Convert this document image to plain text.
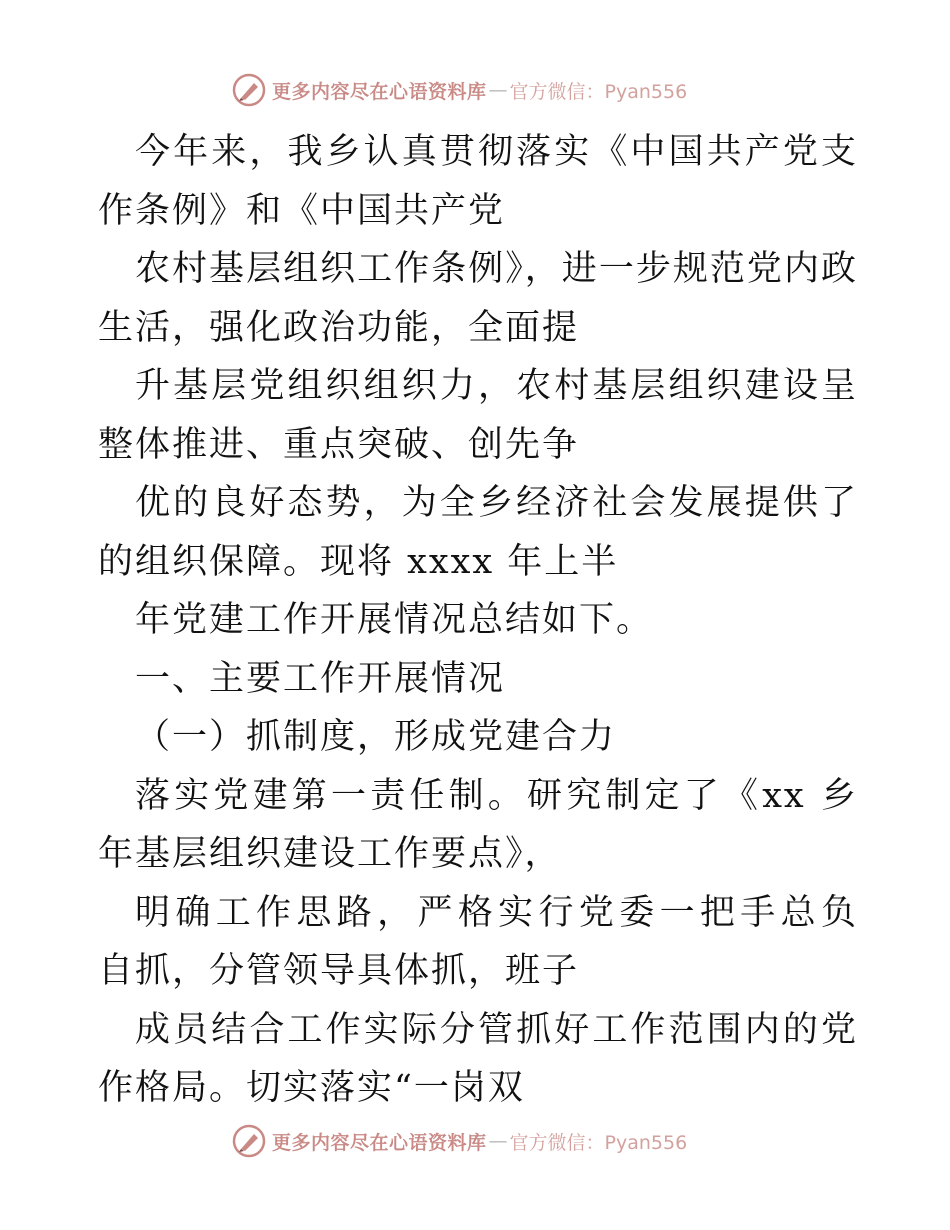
更多内容尽在心语资料库 — 官方微信：Pyan556
今年来，我乡认真贯彻落实《中国共产党支
作条例》和《中国共产党
农村基层组织工作条例》，进一步规范党内政
生活，强化政治功能，全面提
升基层党组织组织力，农村基层组织建设呈
整体推进、重点突破、创先争
优的良好态势，为全乡经济社会发展提供了
的组织保障。现将 xxxx 年上半
年党建工作开展情况总结如下。
一、主要工作开展情况
（一）抓制度，形成党建合力
落实党建第一责任制。研究制定了《xx 乡
年基层组织建设工作要点》，
明确工作思路，严格实行党委一把手总负
自抓，分管领导具体抓，班子
成员结合工作实际分管抓好工作范围内的党
作格局。切实落实“一岗双
更多内容尽在心语资料库 — 官方微信：Pyan556
